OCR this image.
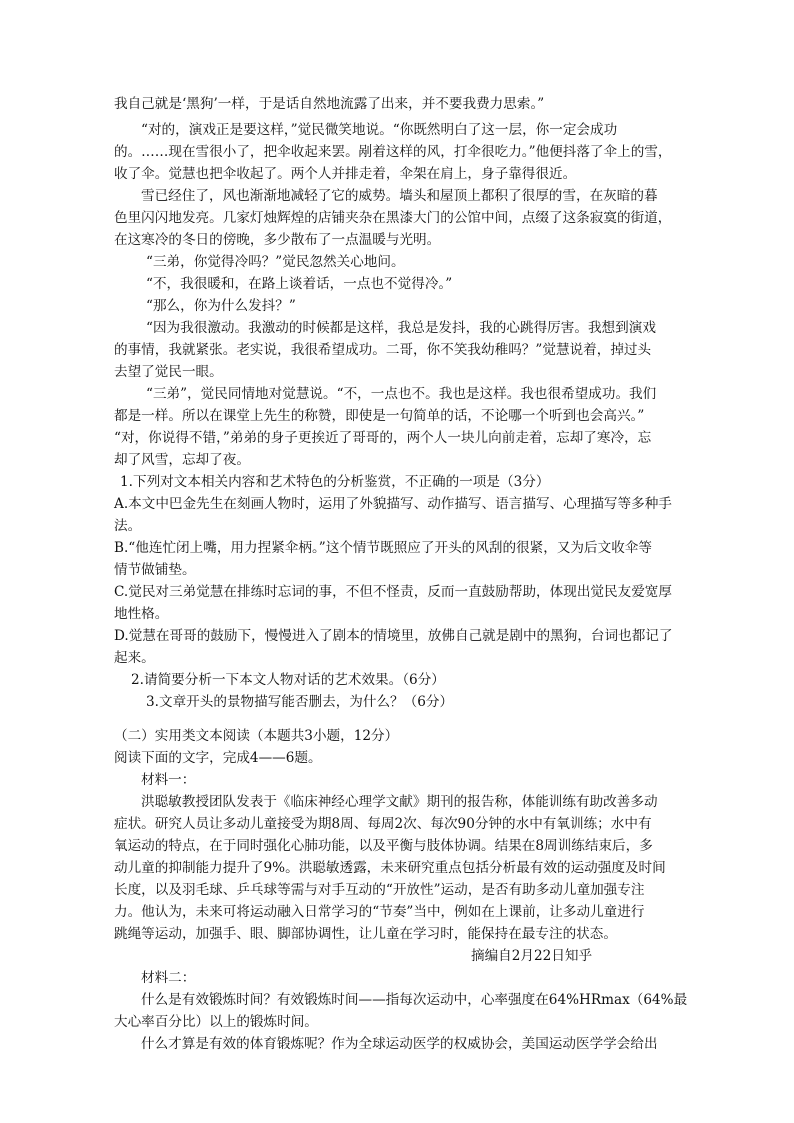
我自己就是‘黑狗’一样，于是话自然地流露了出来，并不要我费力思索。”
“对的，演戏正是要这样，”觉民微笑地说。“你既然明白了这一层，你一定会成功
的。……现在雪很小了，把伞收起来罢。剐着这样的风，打伞很吃力。”他便抖落了伞上的雪，
收了伞。觉慧也把伞收起了。两个人并排走着，伞架在肩上，身子靠得很近。
雪已经住了，风也渐渐地减轻了它的威势。墙头和屋顶上都积了很厚的雪，在灰暗的暮
色里闪闪地发亮。几家灯烛辉煌的店铺夹杂在黑漆大门的公馆中间，点缀了这条寂寞的街道，
在这寒冷的冬日的傍晚，多少散布了一点温暖与光明。
“三弟，你觉得冷吗？”觉民忽然关心地问。
“不，我很暖和，在路上谈着话，一点也不觉得冷。”
“那么，你为什么发抖？”
“因为我很激动。我激动的时候都是这样，我总是发抖，我的心跳得厉害。我想到演戏
的事情，我就紧张。老实说，我很希望成功。二哥，你不笑我幼稚吗？”觉慧说着，掉过头
去望了觉民一眼。
“三弟”，觉民同情地对觉慧说。“不，一点也不。我也是这样。我也很希望成功。我们
都是一样。所以在课堂上先生的称赞，即使是一句简单的话，不论哪一个听到也会高兴。”
“对，你说得不错，”弟弟的身子更挨近了哥哥的，两个人一块儿向前走着，忘却了寒冷，忘
却了风雪，忘却了夜。
1.下列对文本相关内容和艺术特色的分析鉴赏，不正确的一项是（3分）
A.本文中巴金先生在刻画人物时，运用了外貌描写、动作描写、语言描写、心理描写等多种手
法。
B.“他连忙闭上嘴，用力捏紧伞柄。”这个情节既照应了开头的风刮的很紧，又为后文收伞等
情节做铺垫。
C.觉民对三弟觉慧在排练时忘词的事，不但不怪责，反而一直鼓励帮助，体现出觉民友爱宽厚
地性格。
D.觉慧在哥哥的鼓励下，慢慢进入了剧本的情境里，放佛自己就是剧中的黑狗，台词也都记了
起来。
2.请简要分析一下本文人物对话的艺术效果。（6分）
3.文章开头的景物描写能否删去，为什么？（6分）
（二）实用类文本阅读（本题共3小题，12分）
阅读下面的文字，完成4——6题。
材料一：
洪聪敏教授团队发表于《临床神经心理学文献》期刊的报告称，体能训练有助改善多动
症状。研究人员让多动儿童接受为期8周、每周2次、每次90分钟的水中有氧训练；水中有
氧运动的特点，在于同时强化心肺功能，以及平衡与肢体协调。结果在8周训练结束后，多
动儿童的抑制能力提升了9%。洪聪敏透露，未来研究重点包括分析最有效的运动强度及时间
长度，以及羽毛球、乒乓球等需与对手互动的“开放性”运动，是否有助多动儿童加强专注
力。他认为，未来可将运动融入日常学习的“节奏”当中，例如在上课前，让多动儿童进行
跳绳等运动，加强手、眼、脚部协调性，让儿童在学习时，能保持在最专注的状态。
摘编自2月22日知乎
材料二：
什么是有效锻炼时间？有效锻炼时间——指每次运动中，心率强度在64%HRmax（64%最
大心率百分比）以上的锻炼时间。
什么才算是有效的体育锻炼呢？作为全球运动医学的权威协会，美国运动医学学会给出
